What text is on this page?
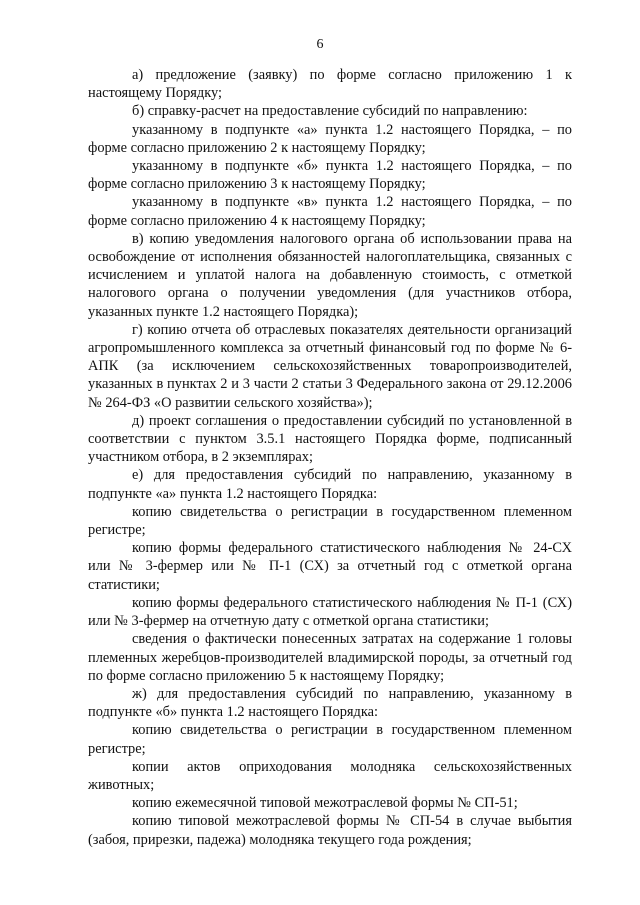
6

а) предложение (заявку) по форме согласно приложению 1 к настоящему Порядку;

б) справку-расчет на предоставление субсидий по направлению:

указанному в подпункте «а» пункта 1.2 настоящего Порядка, – по форме согласно приложению 2 к настоящему Порядку;

указанному в подпункте «б» пункта 1.2 настоящего Порядка, – по форме согласно приложению 3 к настоящему Порядку;

указанному в подпункте «в» пункта 1.2 настоящего Порядка, – по форме согласно приложению 4 к настоящему Порядку;

в) копию уведомления налогового органа об использовании права на освобождение от исполнения обязанностей налогоплательщика, связанных с исчислением и уплатой налога на добавленную стоимость, с отметкой налогового органа о получении уведомления (для участников отбора, указанных пункте 1.2 настоящего Порядка);

г) копию отчета об отраслевых показателях деятельности организаций агропромышленного комплекса за отчетный финансовый год по форме № 6-АПК (за исключением сельскохозяйственных товаропроизводителей, указанных в пунктах 2 и 3 части 2 статьи 3 Федерального закона от 29.12.2006 № 264-ФЗ «О развитии сельского хозяйства»);

д) проект соглашения о предоставлении субсидий по установленной в соответствии с пунктом 3.5.1 настоящего Порядка форме, подписанный участником отбора, в 2 экземплярах;

е) для предоставления субсидий по направлению, указанному в подпункте «а» пункта 1.2 настоящего Порядка:

копию свидетельства о регистрации в государственном племенном регистре;

копию формы федерального статистического наблюдения № 24-СХ или № 3-фермер или № П-1 (СХ) за отчетный год с отметкой органа статистики;

копию формы федерального статистического наблюдения № П-1 (СХ) или № 3-фермер на отчетную дату с отметкой органа статистики;

сведения о фактически понесенных затратах на содержание 1 головы племенных жеребцов-производителей владимирской породы, за отчетный год по форме согласно приложению 5 к настоящему Порядку;

ж) для предоставления субсидий по направлению, указанному в подпункте «б» пункта 1.2 настоящего Порядка:

копию свидетельства о регистрации в государственном племенном регистре;

копии актов оприходования молодняка сельскохозяйственных животных;

копию ежемесячной типовой межотраслевой формы № СП-51;

копию типовой межотраслевой формы № СП-54 в случае выбытия (забоя, прирезки, падежа) молодняка текущего года рождения;
